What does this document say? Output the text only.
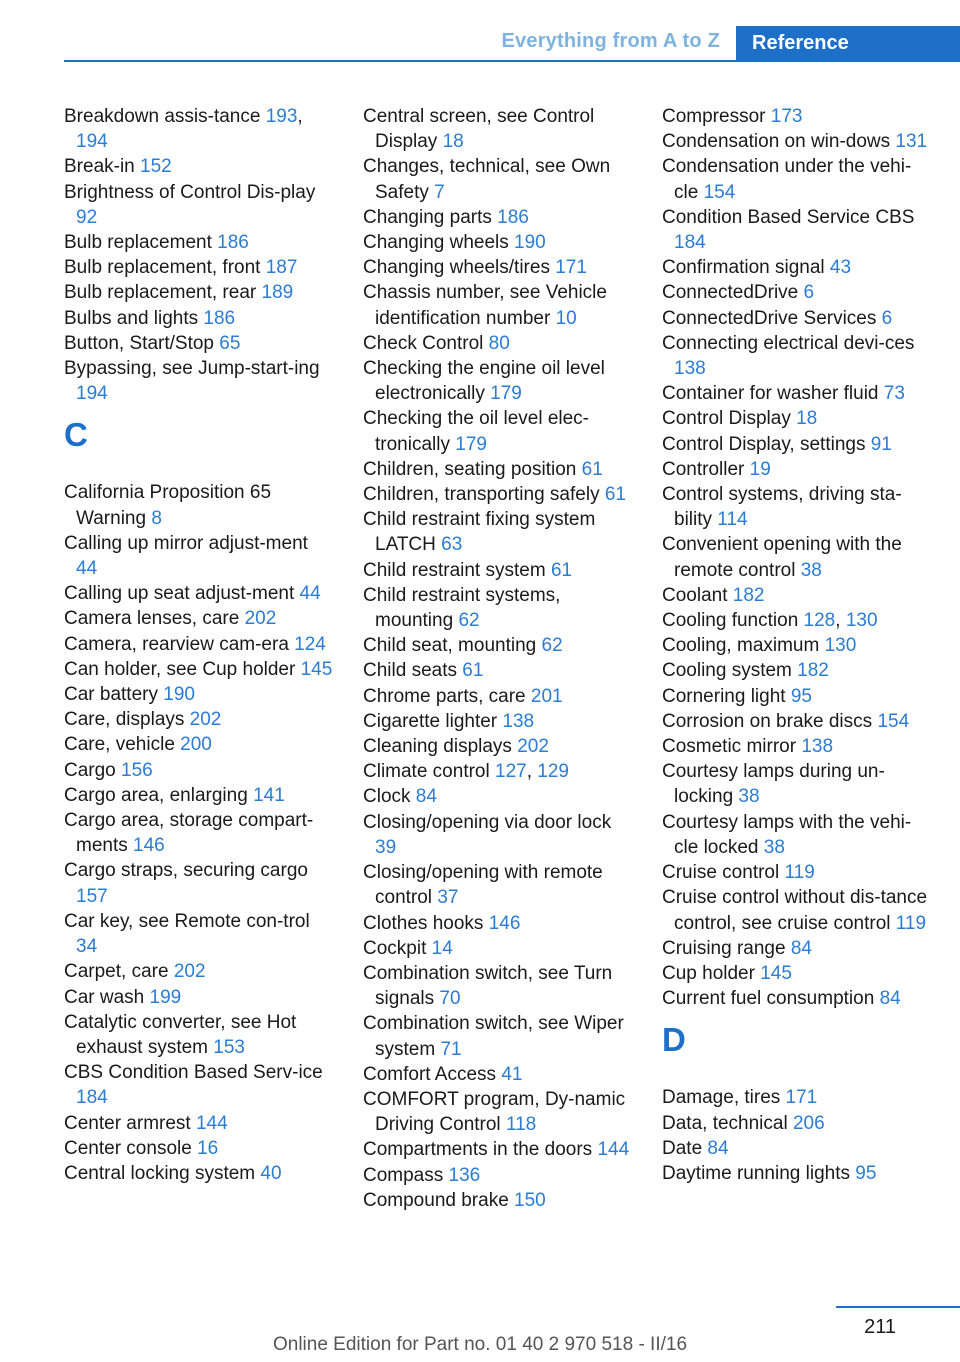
Everything from A to Z	Reference
Breakdown assis-tance 193, 194
Break-in 152
Brightness of Control Dis-play 92
Bulb replacement 186
Bulb replacement, front 187
Bulb replacement, rear 189
Bulbs and lights 186
Button, Start/Stop 65
Bypassing, see Jump-start-ing 194
C
California Proposition 65 Warning 8
Calling up mirror adjust-ment 44
Calling up seat adjust-ment 44
Camera lenses, care 202
Camera, rearview cam-era 124
Can holder, see Cup holder 145
Car battery 190
Care, displays 202
Care, vehicle 200
Cargo 156
Cargo area, enlarging 141
Cargo area, storage compart-ments 146
Cargo straps, securing cargo 157
Car key, see Remote con-trol 34
Carpet, care 202
Car wash 199
Catalytic converter, see Hot exhaust system 153
CBS Condition Based Serv-ice 184
Center armrest 144
Center console 16
Central locking system 40
Central screen, see Control Display 18
Changes, technical, see Own Safety 7
Changing parts 186
Changing wheels 190
Changing wheels/tires 171
Chassis number, see Vehicle identification number 10
Check Control 80
Checking the engine oil level electronically 179
Checking the oil level elec-tronically 179
Children, seating position 61
Children, transporting safely 61
Child restraint fixing system LATCH 63
Child restraint system 61
Child restraint systems, mounting 62
Child seat, mounting 62
Child seats 61
Chrome parts, care 201
Cigarette lighter 138
Cleaning displays 202
Climate control 127, 129
Clock 84
Closing/opening via door lock 39
Closing/opening with remote control 37
Clothes hooks 146
Cockpit 14
Combination switch, see Turn signals 70
Combination switch, see Wiper system 71
Comfort Access 41
COMFORT program, Dy-namic Driving Control 118
Compartments in the doors 144
Compass 136
Compound brake 150
Compressor 173
Condensation on win-dows 131
Condensation under the vehi-cle 154
Condition Based Service CBS 184
Confirmation signal 43
ConnectedDrive 6
ConnectedDrive Services 6
Connecting electrical devi-ces 138
Container for washer fluid 73
Control Display 18
Control Display, settings 91
Controller 19
Control systems, driving sta-bility 114
Convenient opening with the remote control 38
Coolant 182
Cooling function 128, 130
Cooling, maximum 130
Cooling system 182
Cornering light 95
Corrosion on brake discs 154
Cosmetic mirror 138
Courtesy lamps during un-locking 38
Courtesy lamps with the vehi-cle locked 38
Cruise control 119
Cruise control without dis-tance control, see cruise control 119
Cruising range 84
Cup holder 145
Current fuel consumption 84
D
Damage, tires 171
Data, technical 206
Date 84
Daytime running lights 95
211
Online Edition for Part no. 01 40 2 970 518 - II/16
